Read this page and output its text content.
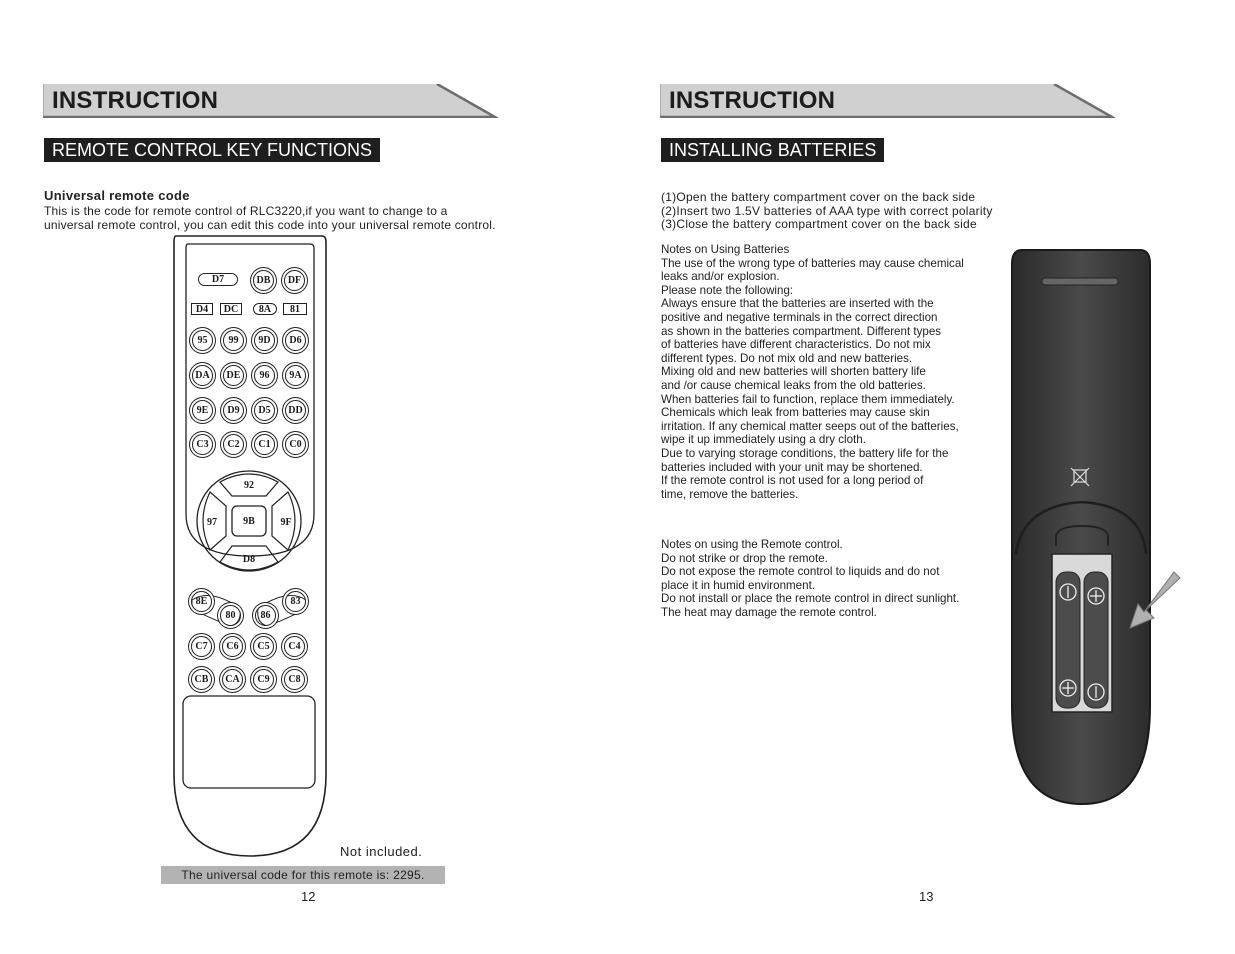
INSTRUCTION
REMOTE CONTROL KEY FUNCTIONS
Universal remote code
This is the code for remote control of RLC3220,if you want to change to a
universal remote control, you can edit this code into your universal remote control.
D7	DB	DF
D4	DC	8A	81
95	99	9D	D6
DA	DE	96	9A
9E	D9	D5	DD
C3	C2	C1	C0
92
97	9B	9F
D8
8E
80	86
83
C7	C6	C5	C4
CB	CA	C9	C8
Not included.
The universal code for this remote is: 2295.
12
INSTRUCTION
INSTALLING BATTERIES
(1)Open the battery compartment cover on the back side
(2)Insert two 1.5V batteries of AAA type with correct polarity
(3)Close the battery compartment cover on the back side
Notes on Using Batteries
The use of the wrong type of batteries may cause chemical
leaks and/or explosion.
Please note the following:
Always ensure that the batteries are inserted with the
positive and negative terminals in the correct direction
as shown in the batteries compartment. Different types
of batteries have different characteristics. Do not mix
different types. Do not mix old and new batteries.
Mixing old and new batteries will shorten battery life
and /or cause chemical leaks from the old batteries.
When batteries fail to function, replace them immediately.
Chemicals which leak from batteries may cause skin
irritation. If any chemical matter seeps out of the batteries,
wipe it up immediately using a dry cloth.
Due to varying storage conditions, the battery life for the
batteries included with your unit may be shortened.
If the remote control is not used for a long period of
time, remove the batteries.
Notes on using the Remote control.
Do not strike or drop the remote.
Do not expose the remote control to liquids and do not
place it in humid environment.
Do not install or place the remote control in direct sunlight.
The heat may damage the remote control.
13
